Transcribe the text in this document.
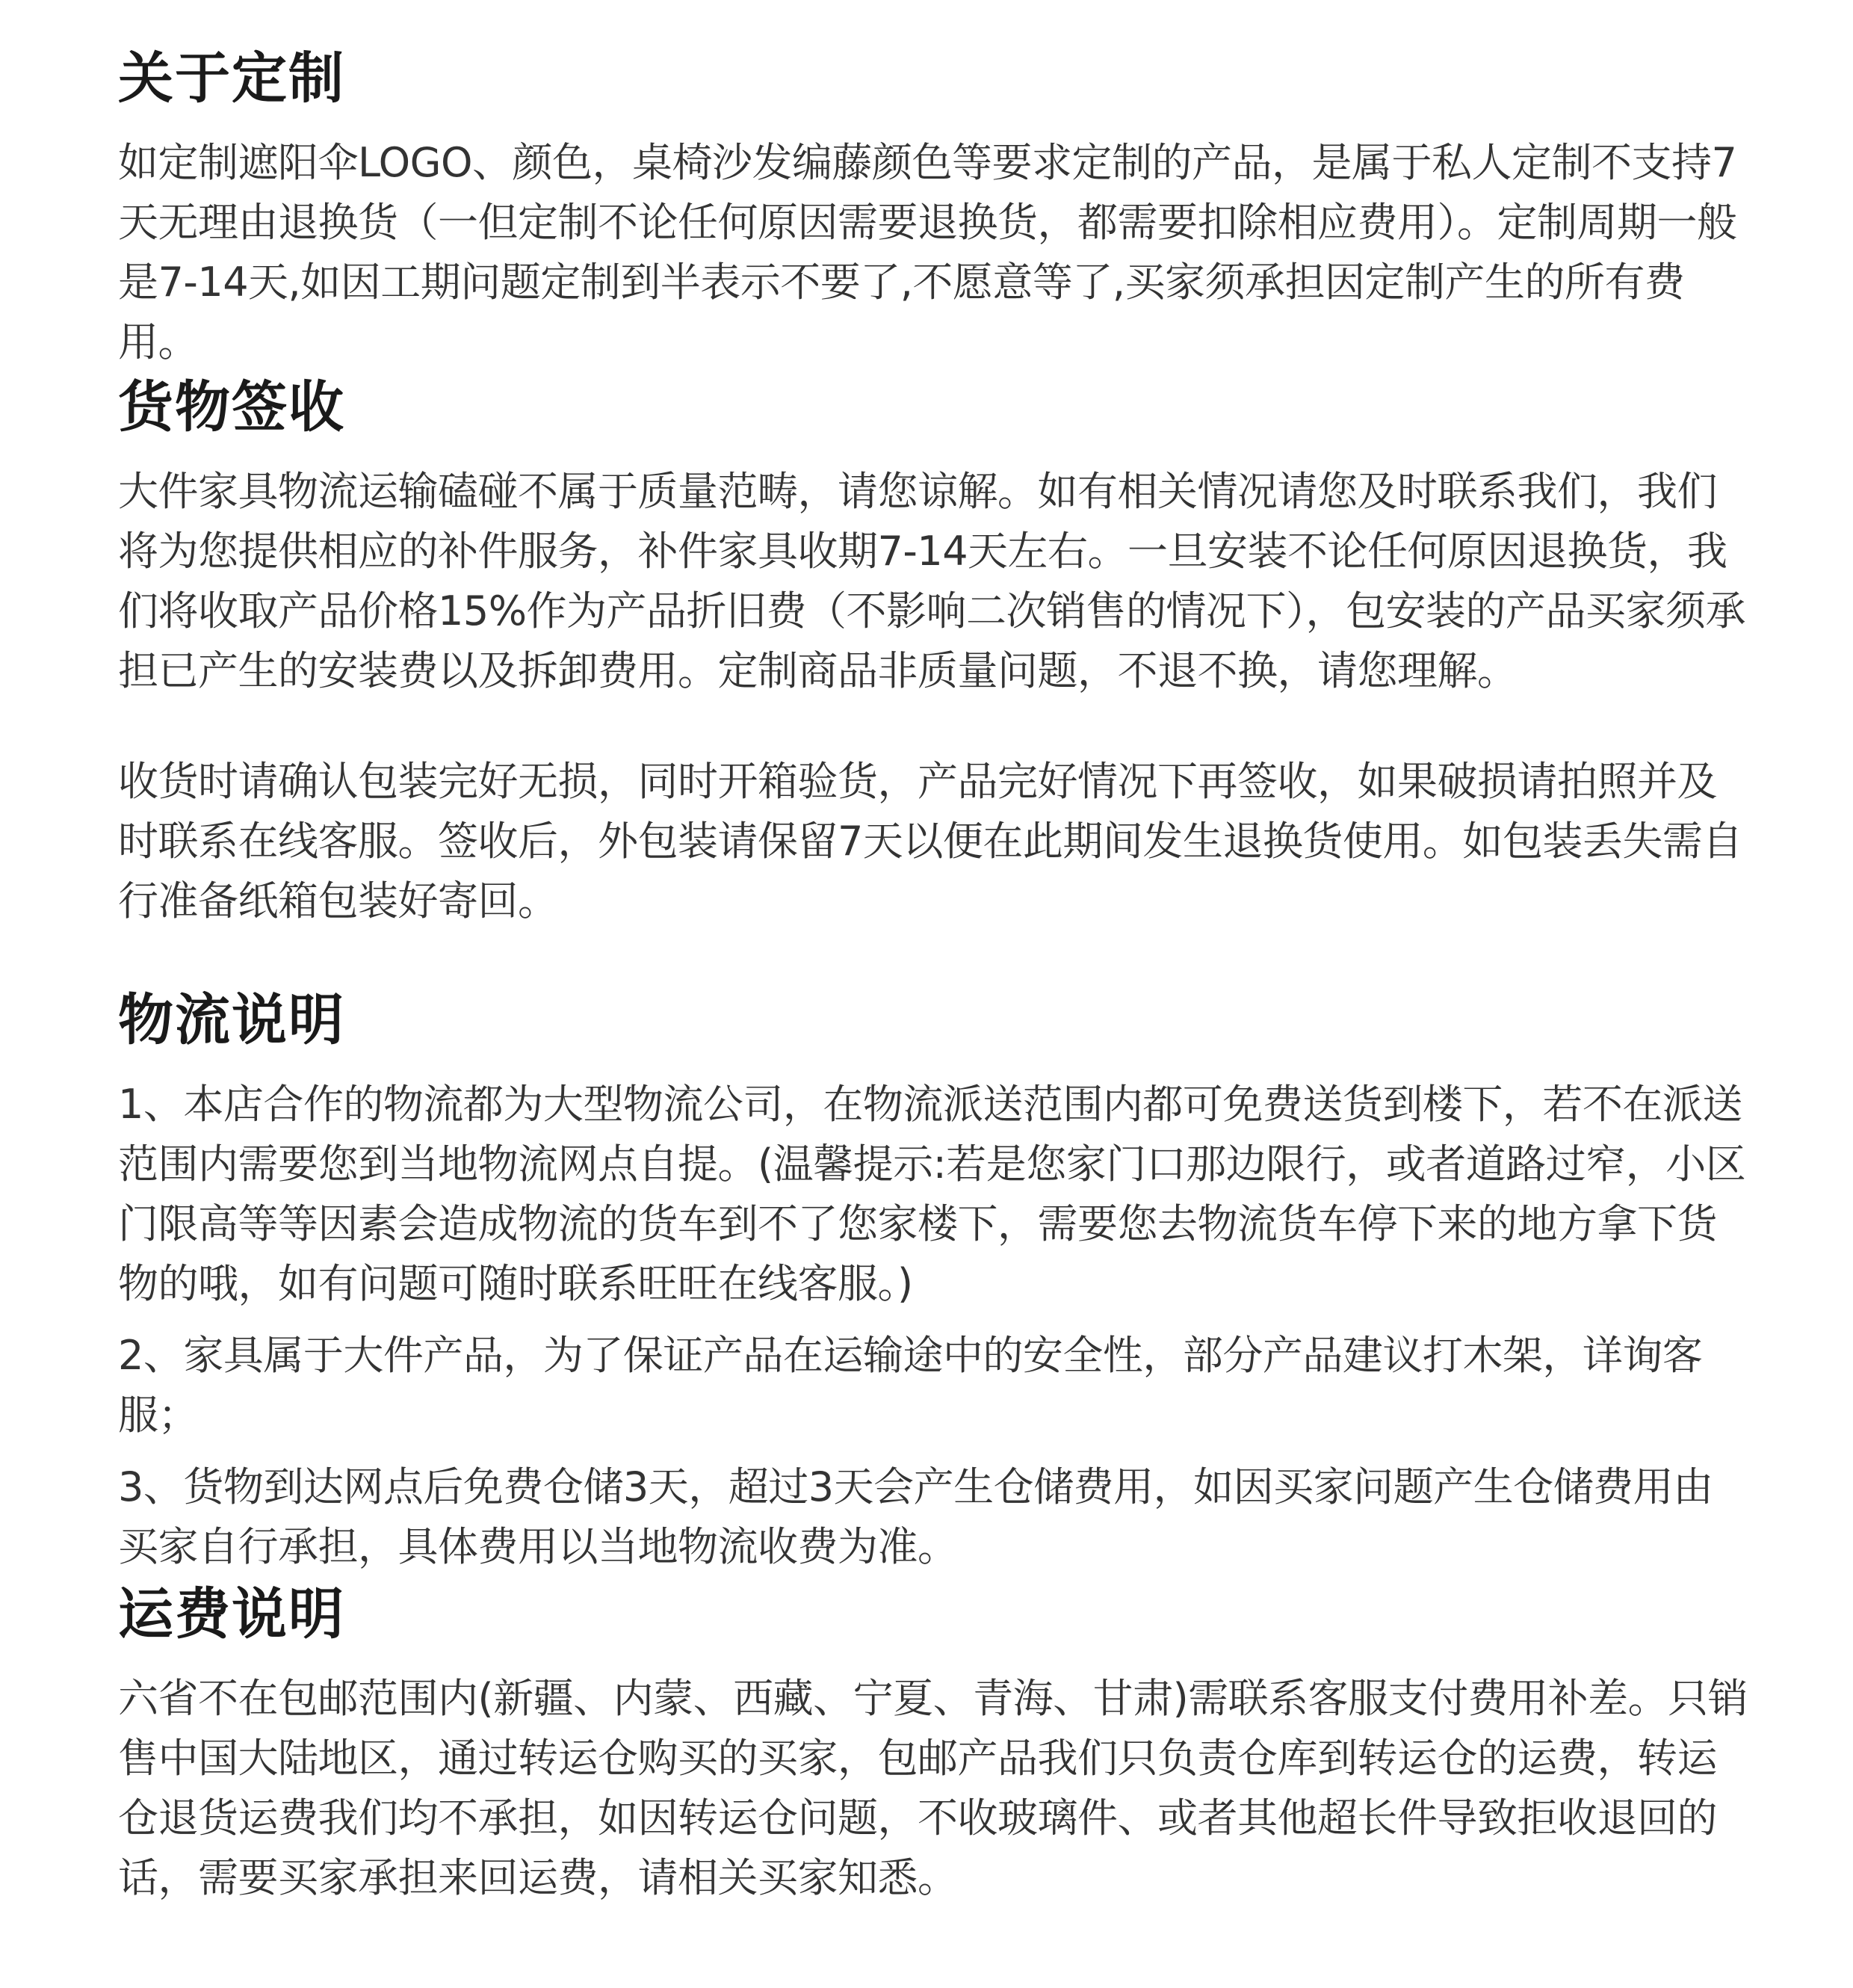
关于定制

如定制遮阳伞LOGO、颜色，桌椅沙发编藤颜色等要求定制的产品，是属于私人定制不支持7天无理由退换货（一但定制不论任何原因需要退换货，都需要扣除相应费用）。定制周期一般是7-14天,如因工期问题定制到半表示不要了,不愿意等了,买家须承担因定制产生的所有费用。

货物签收

大件家具物流运输磕碰不属于质量范畴，请您谅解。如有相关情况请您及时联系我们，我们将为您提供相应的补件服务，补件家具收期7-14天左右。一旦安装不论任何原因退换货，我们将收取产品价格15%作为产品折旧费（不影响二次销售的情况下），包安装的产品买家须承担已产生的安装费以及拆卸费用。定制商品非质量问题，不退不换，请您理解。

收货时请确认包装完好无损，同时开箱验货，产品完好情况下再签收，如果破损请拍照并及时联系在线客服。签收后，外包装请保留7天以便在此期间发生退换货使用。如包装丢失需自行准备纸箱包装好寄回。

物流说明

1、本店合作的物流都为大型物流公司，在物流派送范围内都可免费送货到楼下，若不在派送范围内需要您到当地物流网点自提。(温馨提示:若是您家门口那边限行，或者道路过窄，小区门限高等等因素会造成物流的货车到不了您家楼下，需要您去物流货车停下来的地方拿下货物的哦，如有问题可随时联系旺旺在线客服。)

2、家具属于大件产品，为了保证产品在运输途中的安全性，部分产品建议打木架，详询客服；

3、货物到达网点后免费仓储3天，超过3天会产生仓储费用，如因买家问题产生仓储费用由买家自行承担，具体费用以当地物流收费为准。

运费说明

六省不在包邮范围内(新疆、内蒙、西藏、宁夏、青海、甘肃)需联系客服支付费用补差。只销售中国大陆地区，通过转运仓购买的买家，包邮产品我们只负责仓库到转运仓的运费，转运仓退货运费我们均不承担，如因转运仓问题，不收玻璃件、或者其他超长件导致拒收退回的话，需要买家承担来回运费，请相关买家知悉。
